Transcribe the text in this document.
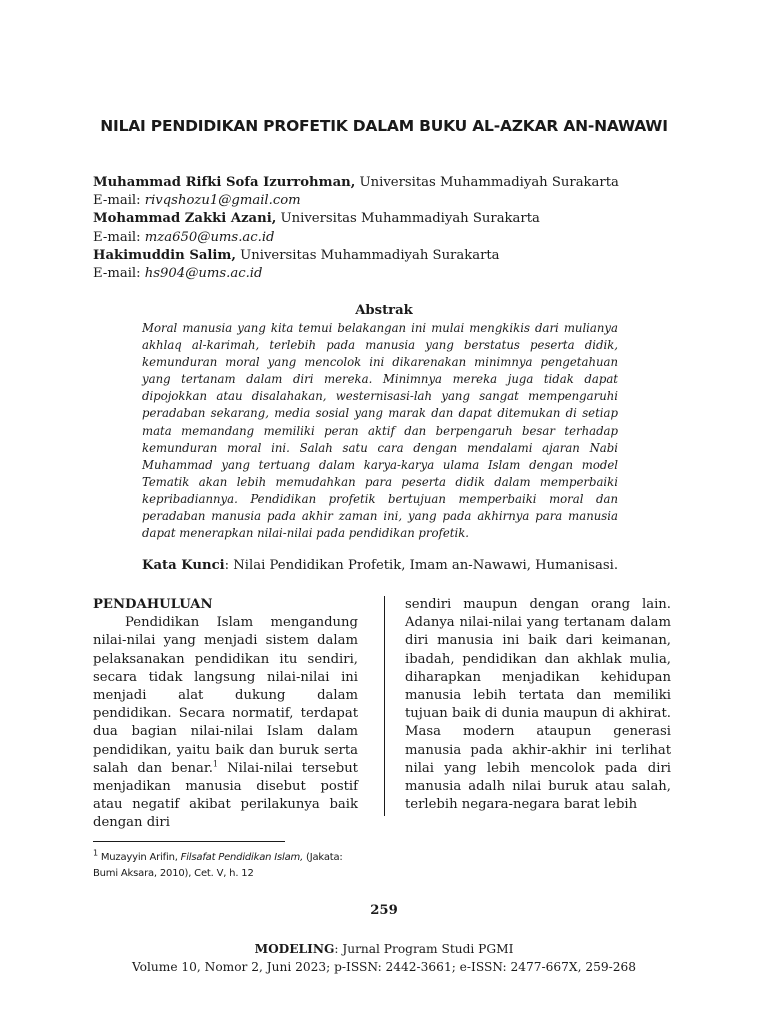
NILAI PENDIDIKAN PROFETIK DALAM BUKU AL-AZKAR AN-NAWAWI
Muhammad Rifki Sofa Izurrohman, Universitas Muhammadiyah Surakarta
E-mail: rivqshozu1@gmail.com
Mohammad Zakki Azani, Universitas Muhammadiyah Surakarta
E-mail: mza650@ums.ac.id
Hakimuddin Salim, Universitas Muhammadiyah Surakarta
E-mail: hs904@ums.ac.id
Abstrak
Moral manusia yang kita temui belakangan ini mulai mengkikis dari mulianya akhlaq al-karimah, terlebih pada manusia yang berstatus peserta didik, kemunduran moral yang mencolok ini dikarenakan minimnya pengetahuan yang tertanam dalam diri mereka. Minimnya mereka juga tidak dapat dipojokkan atau disalahakan, westernisasi-lah yang sangat mempengaruhi peradaban sekarang, media sosial yang marak dan dapat ditemukan di setiap mata memandang memiliki peran aktif dan berpengaruh besar terhadap kemunduran moral ini. Salah satu cara dengan mendalami ajaran Nabi Muhammad yang tertuang dalam karya-karya ulama Islam dengan model Tematik akan lebih memudahkan para peserta didik dalam memperbaiki kepribadiannya. Pendidikan profetik bertujuan memperbaiki moral dan peradaban manusia pada akhir zaman ini, yang pada akhirnya para manusia dapat menerapkan nilai-nilai pada pendidikan profetik.
Kata Kunci: Nilai Pendidikan Profetik, Imam an-Nawawi, Humanisasi.
PENDAHULUAN

Pendidikan Islam mengandung nilai-nilai yang menjadi sistem dalam pelaksanakan pendidikan itu sendiri, secara tidak langsung nilai-nilai ini menjadi alat dukung dalam pendidikan. Secara normatif, terdapat dua bagian nilai-nilai Islam dalam pendidikan, yaitu baik dan buruk serta salah dan benar.$^1$ Nilai-nilai tersebut menjadikan manusia disebut postif atau negatif akibat perilakunya baik dengan diri

sendiri maupun dengan orang lain. Adanya nilai-nilai yang tertanam dalam diri manusia ini baik dari keimanan, ibadah, pendidikan dan akhlak mulia, diharapkan menjadikan kehidupan manusia lebih tertata dan memiliki tujuan baik di dunia maupun di akhirat. Masa modern ataupun generasi manusia pada akhir-akhir ini terlihat nilai yang lebih mencolok pada diri manusia adalh nilai buruk atau salah, terlebih negara-negara barat lebih

$^1$ Muzayyin Arifin, Filsafat Pendidikan Islam, (Jakata: Bumi Aksara, 2010), Cet. V, h. 12
259
MODELING: Jurnal Program Studi PGMI
Volume 10, Nomor 2, Juni 2023; p-ISSN: 2442-3661; e-ISSN: 2477-667X, 259-268
